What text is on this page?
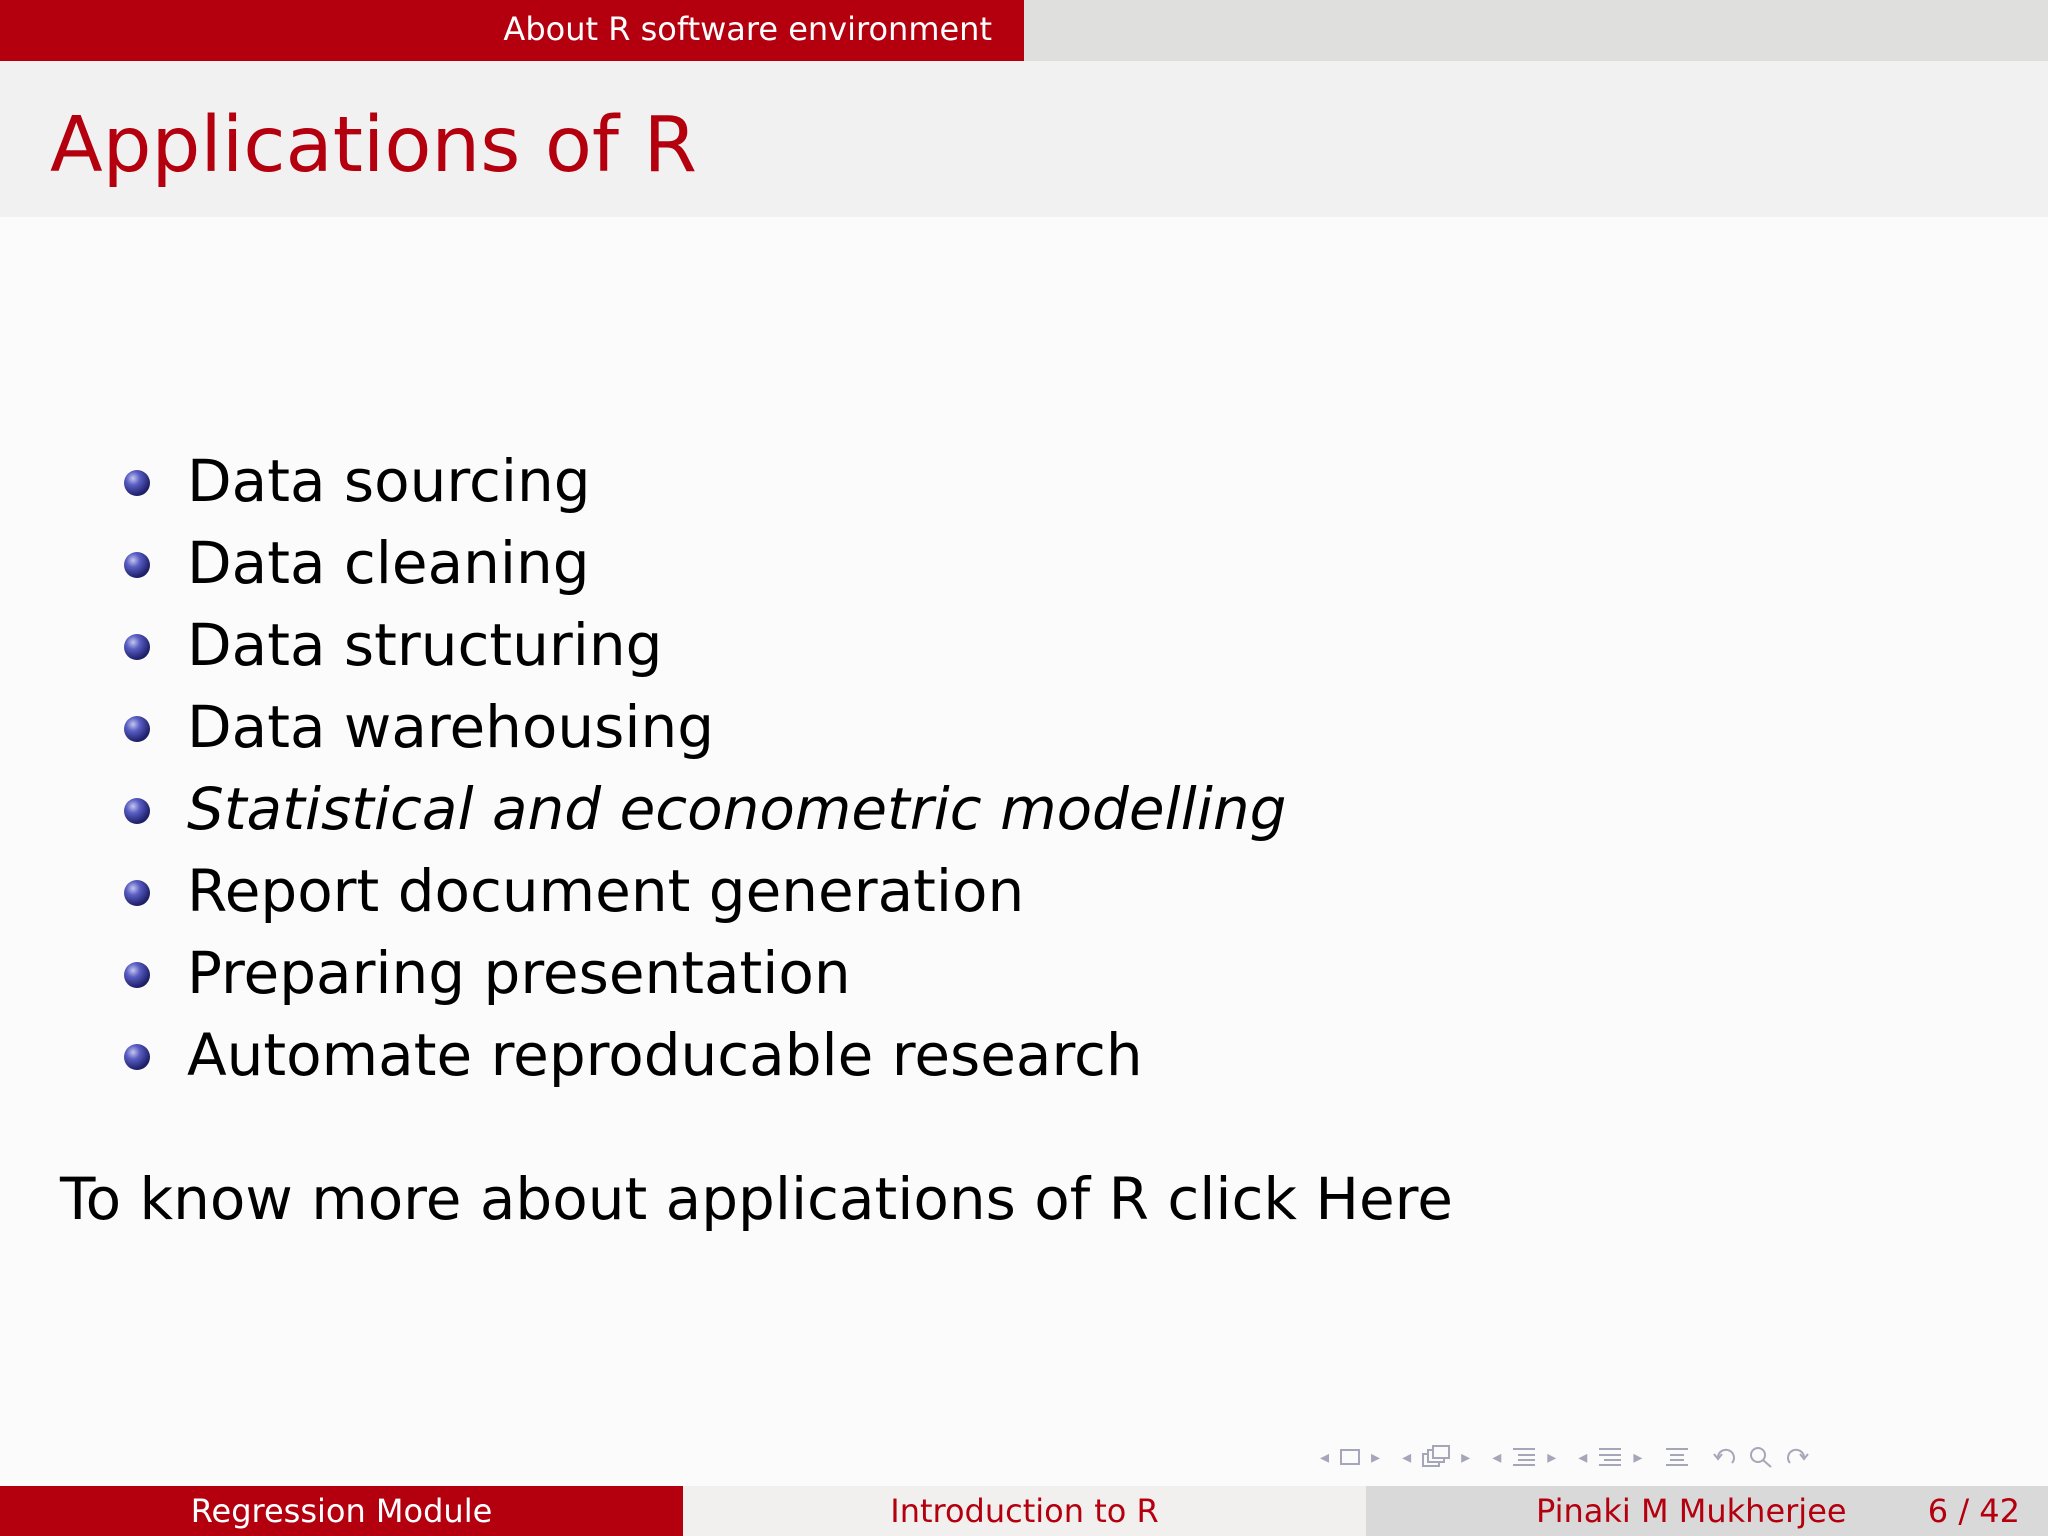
About R software environment
Applications of R
Data sourcing
Data cleaning
Data structuring
Data warehousing
Statistical and econometric modelling
Report document generation
Preparing presentation
Automate reproducable research

To know more about applications of R click Here

◂ ▸ ◂	▸ ◂	▸ ◂	▸
Regression Module	Introduction to R	Pinaki M Mukherjee	6 / 42
